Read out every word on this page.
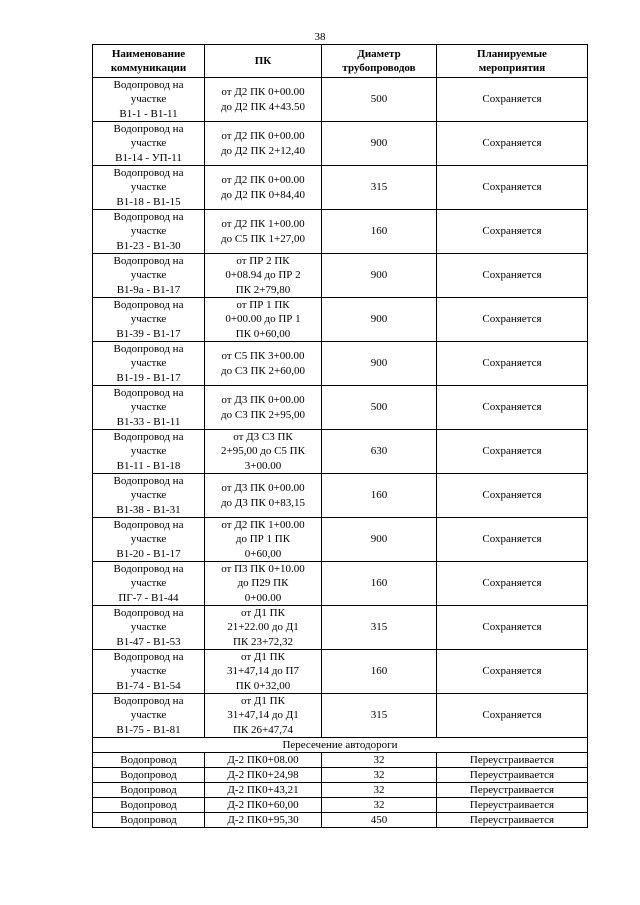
38
Наименование
коммуникации	ПК	Диаметр
трубопроводов	Планируемые
мероприятия

Водопровод на
участке
В1-1 - В1-11	от Д2 ПК 0+00.00
до Д2 ПК 4+43.50	500	Сохраняется

Водопровод на
участке
В1-14 - УП-11	от Д2 ПК 0+00.00
до Д2 ПК 2+12,40	900	Сохраняется

Водопровод на
участке
В1-18 - В1-15	от Д2 ПК 0+00.00
до Д2 ПК 0+84,40	315	Сохраняется

Водопровод на
участке
В1-23 - В1-30	от Д2 ПК 1+00.00
до С5 ПК 1+27,00	160	Сохраняется

Водопровод на
участке
В1-9а - В1-17	от ПР 2 ПК
0+08.94 до ПР 2
ПК 2+79,80	900	Сохраняется

Водопровод на
участке
В1-39 - В1-17	от ПР 1 ПК
0+00.00 до ПР 1
ПК 0+60,00	900	Сохраняется

Водопровод на
участке
В1-19 - В1-17	от С5 ПК 3+00.00
до С3 ПК 2+60,00	900	Сохраняется

Водопровод на
участке
В1-33 - В1-11	от Д3 ПК 0+00.00
до С3 ПК 2+95,00	500	Сохраняется

Водопровод на
участке
В1-11 - В1-18	от Д3 С3 ПК
2+95,00 до С5 ПК
3+00.00	630	Сохраняется

Водопровод на
участке
В1-38 - В1-31	от Д3 ПК 0+00.00
до Д3 ПК 0+83,15	160	Сохраняется

Водопровод на
участке
В1-20 - В1-17	от Д2 ПК 1+00.00
до ПР 1 ПК
0+60,00	900	Сохраняется

Водопровод на
участке
ПГ-7 - В1-44	от П3 ПК 0+10.00
до П29 ПК
0+00.00	160	Сохраняется

Водопровод на
участке
В1-47 - В1-53	от Д1 ПК
21+22.00 до Д1
ПК 23+72,32	315	Сохраняется

Водопровод на
участке
В1-74 - В1-54	от Д1 ПК
31+47,14 до П7
ПК 0+32,00	160	Сохраняется

Водопровод на
участке
В1-75 - В1-81	от Д1 ПК
31+47,14 до Д1
ПК 26+47,74	315	Сохраняется
Пересечение автодороги			
Водопровод	Д-2 ПК0+08.00	32	Переустраивается
Водопровод	Д-2 ПК0+24,98	32	Переустраивается
Водопровод	Д-2 ПК0+43,21	32	Переустраивается
Водопровод	Д-2 ПК0+60,00	32	Переустраивается
Водопровод	Д-2 ПК0+95,30	450	Переустраивается
